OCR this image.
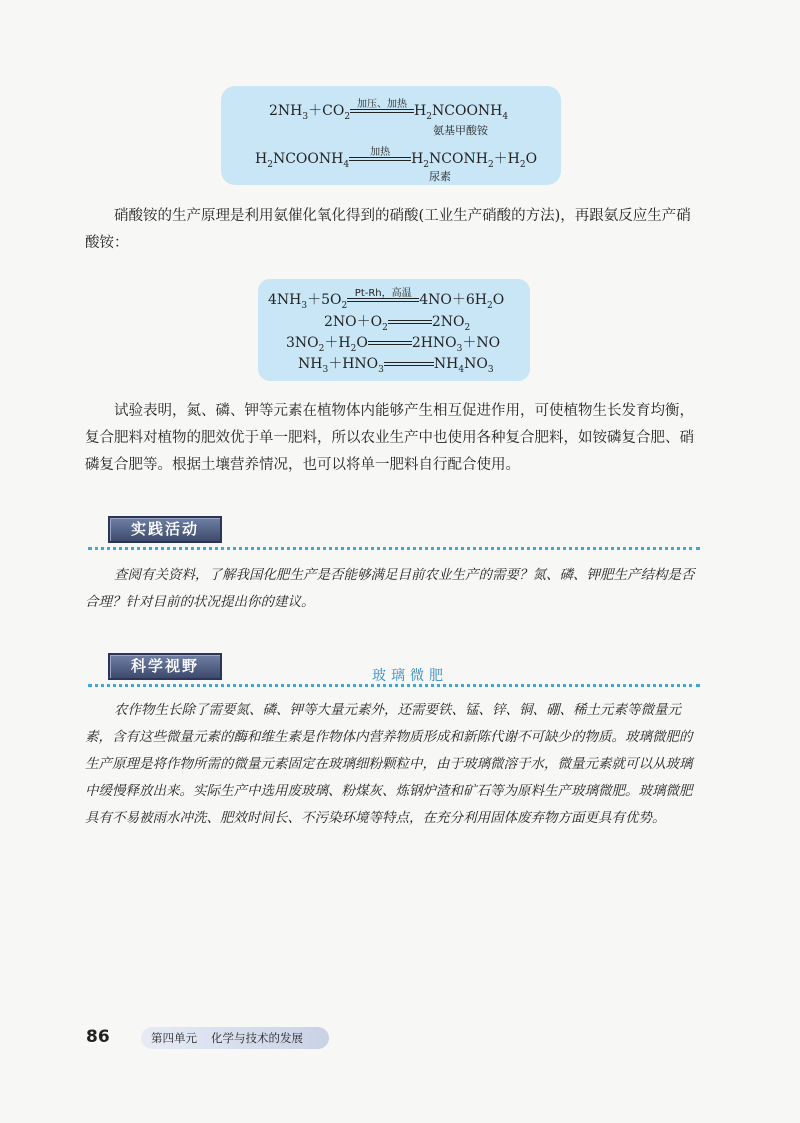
$2NH_3+CO_2$
加压、加热 $H_2NCOONH_4$
氨基甲酸铵
$H_2NCOONH_4$
加热	$H_2NCONH_2+H_2O$
尿素

硝酸铵的生产原理是利用氨催化氧化得到的硝酸(工业生产硝酸的方法)，再跟氨反应生产硝酸铵：

$4NH_3+5O_2$
Pt-Rh，高温 $4NO+6H_2O$
$2NO+O_2$	$2NO_2$
$3NO_2+H_2O$	$2HNO_3+NO$
$NH_3+HNO_3$	$NH_4NO_3$

试验表明，氮、磷、钾等元素在植物体内能够产生相互促进作用，可使植物生长发育均衡，复合肥料对植物的肥效优于单一肥料，所以农业生产中也使用各种复合肥料，如铵磷复合肥、硝磷复合肥等。根据土壤营养情况，也可以将单一肥料自行配合使用。

实践活动

查阅有关资料，了解我国化肥生产是否能够满足目前农业生产的需要？氮、磷、钾肥生产结构是否合理？针对目前的状况提出你的建议。

科学视野
玻璃微肥

农作物生长除了需要氮、磷、钾等大量元素外，还需要铁、锰、锌、铜、硼、稀土元素等微量元素，含有这些微量元素的酶和维生素是作物体内营养物质形成和新陈代谢不可缺少的物质。玻璃微肥的生产原理是将作物所需的微量元素固定在玻璃细粉颗粒中，由于玻璃微溶于水，微量元素就可以从玻璃中缓慢释放出来。实际生产中选用废玻璃、粉煤灰、炼钢炉渣和矿石等为原料生产玻璃微肥。玻璃微肥具有不易被雨水冲洗、肥效时间长、不污染环境等特点，在充分利用固体废弃物方面更具有优势。

86	第四单元 化学与技术的发展
